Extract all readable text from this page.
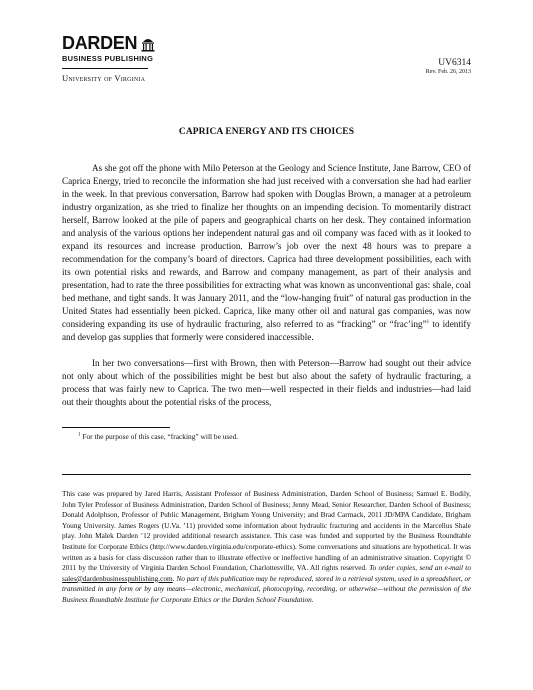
DARDEN
BUSINESS PUBLISHING
University of Virginia
UV6314
Rev. Feb. 26, 2013
CAPRICA ENERGY AND ITS CHOICES

As she got off the phone with Milo Peterson at the Geology and Science Institute, Jane Barrow, CEO of Caprica Energy, tried to reconcile the information she had just received with a conversation she had had earlier in the week. In that previous conversation, Barrow had spoken with Douglas Brown, a manager at a petroleum industry organization, as she tried to finalize her thoughts on an impending decision. To momentarily distract herself, Barrow looked at the pile of papers and geographical charts on her desk. They contained information and analysis of the various options her independent natural gas and oil company was faced with as it looked to expand its resources and increase production. Barrow’s job over the next 48 hours was to prepare a recommendation for the company’s board of directors. Caprica had three development possibilities, each with its own potential risks and rewards, and Barrow and company management, as part of their analysis and presentation, had to rate the three possibilities for extracting what was known as unconventional gas: shale, coal bed methane, and tight sands. It was January 2011, and the “low-hanging fruit” of natural gas production in the United States had essentially been picked. Caprica, like many other oil and natural gas companies, was now considering expanding its use of hydraulic fracturing, also referred to as “fracking” or “frac’ing”$^1$ to identify and develop gas supplies that formerly were considered inaccessible.

In her two conversations—first with Brown, then with Peterson—Barrow had sought out their advice not only about which of the possibilities might be best but also about the safety of hydraulic fracturing, a process that was fairly new to Caprica. The two men—well respected in their fields and industries—had laid out their thoughts about the potential risks of the process,

$^1$ For the purpose of this case, “fracking” will be used.

This case was prepared by Jared Harris, Assistant Professor of Business Administration, Darden School of Business; Samuel E. Bodily, John Tyler Professor of Business Administration, Darden School of Business; Jenny Mead, Senior Researcher, Darden School of Business; Donald Adolphson, Professor of Public Management, Brigham Young University; and Brad Carmack, 2011 JD/MPA Candidate, Brigham Young University. James Rogers (U.Va. ’11) provided some information about hydraulic fracturing and accidents in the Marcellus Shale play. John Malek Darden ’12 provided additional research assistance. This case was funded and supported by the Business Roundtable Institute for Corporate Ethics (http://www.darden.virginia.edu/corporate-ethics). Some conversations and situations are hypothetical. It was written as a basis for class discussion rather than to illustrate effective or ineffective handling of an administrative situation. Copyright © 2011 by the University of Virginia Darden School Foundation, Charlottesville, VA. All rights reserved. To order copies, send an e-mail to sales@dardenbusinesspublishing.com. No part of this publication may be reproduced, stored in a retrieval system, used in a spreadsheet, or transmitted in any form or by any means—electronic, mechanical, photocopying, recording, or otherwise—without the permission of the Business Roundtable Institute for Corporate Ethics or the Darden School Foundation.
